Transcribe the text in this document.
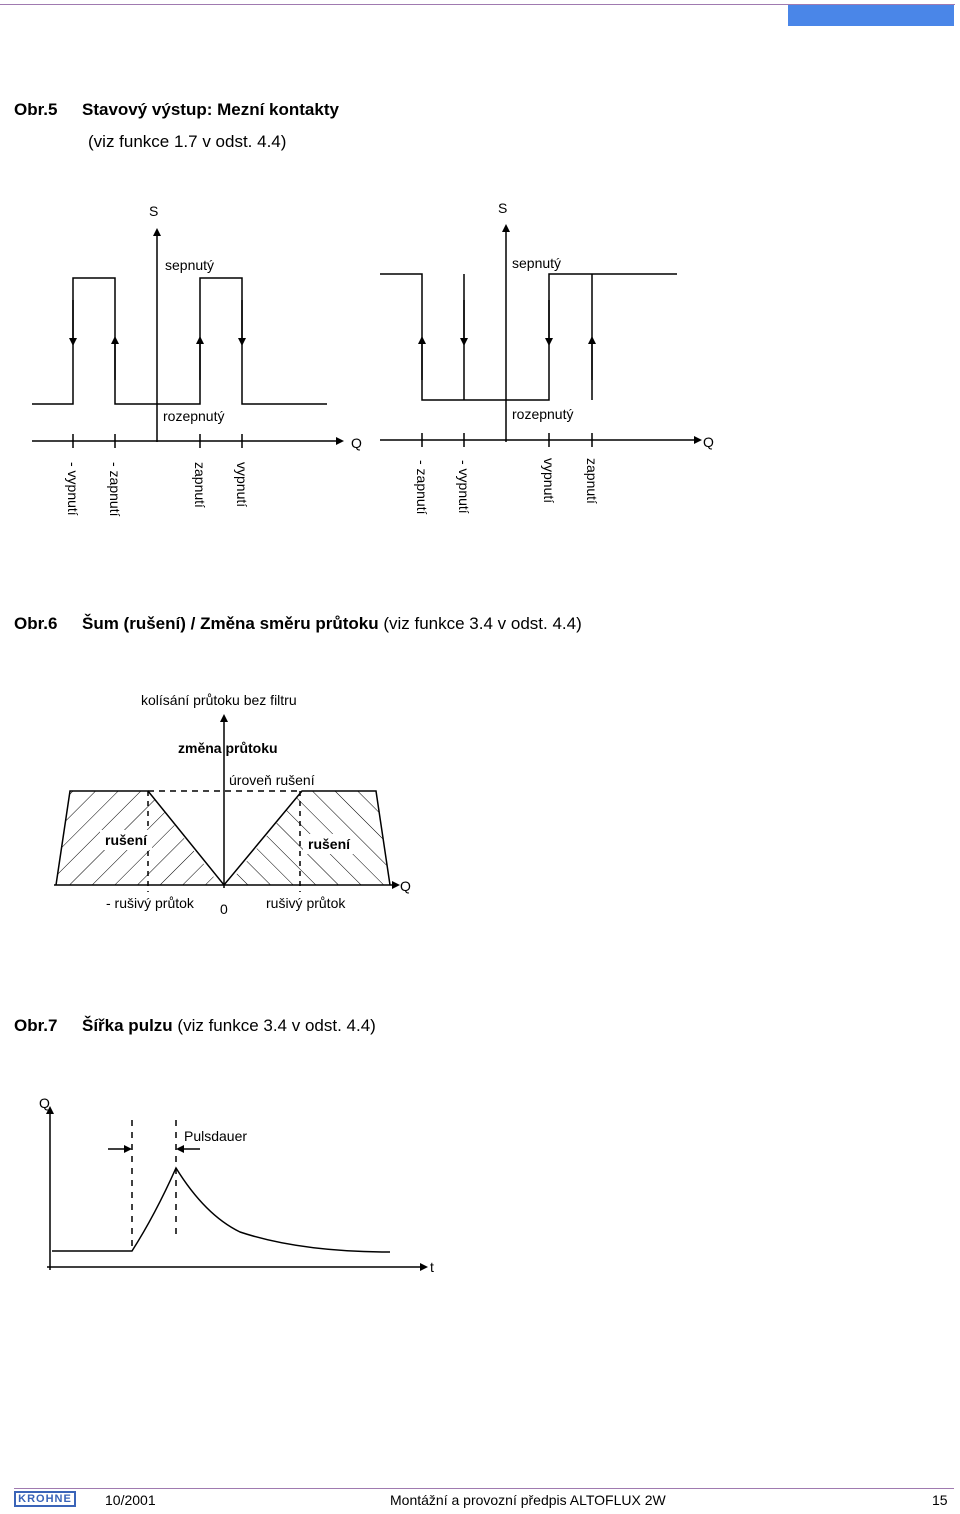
Obr.5 Stavový výstup: Mezní kontakty
(viz funkce 1.7 v odst. 4.4)
S
Q
sepnutý
rozepnutý
- vypnutí - zapnutí	zapnutí vypnutí
S
Q
sepnutý
rozepnutý
- zapnutí - vypnutí	vypnutí zapnutí
Obr.6 Šum (rušení) / Změna směru průtoku (viz funkce 3.4 v odst. 4.4)
kolísání průtoku bez filtru
změna průtoku
úroveň rušení
rušení	rušení
- rušivý průtok 0	rušivý průtok
Q
Obr.7 Šířka pulzu (viz funkce 3.4 v odst. 4.4)
Q
t
Pulsdauer
KROHNE 10/2001	Montážní a provozní předpis ALTOFLUX 2W	15
